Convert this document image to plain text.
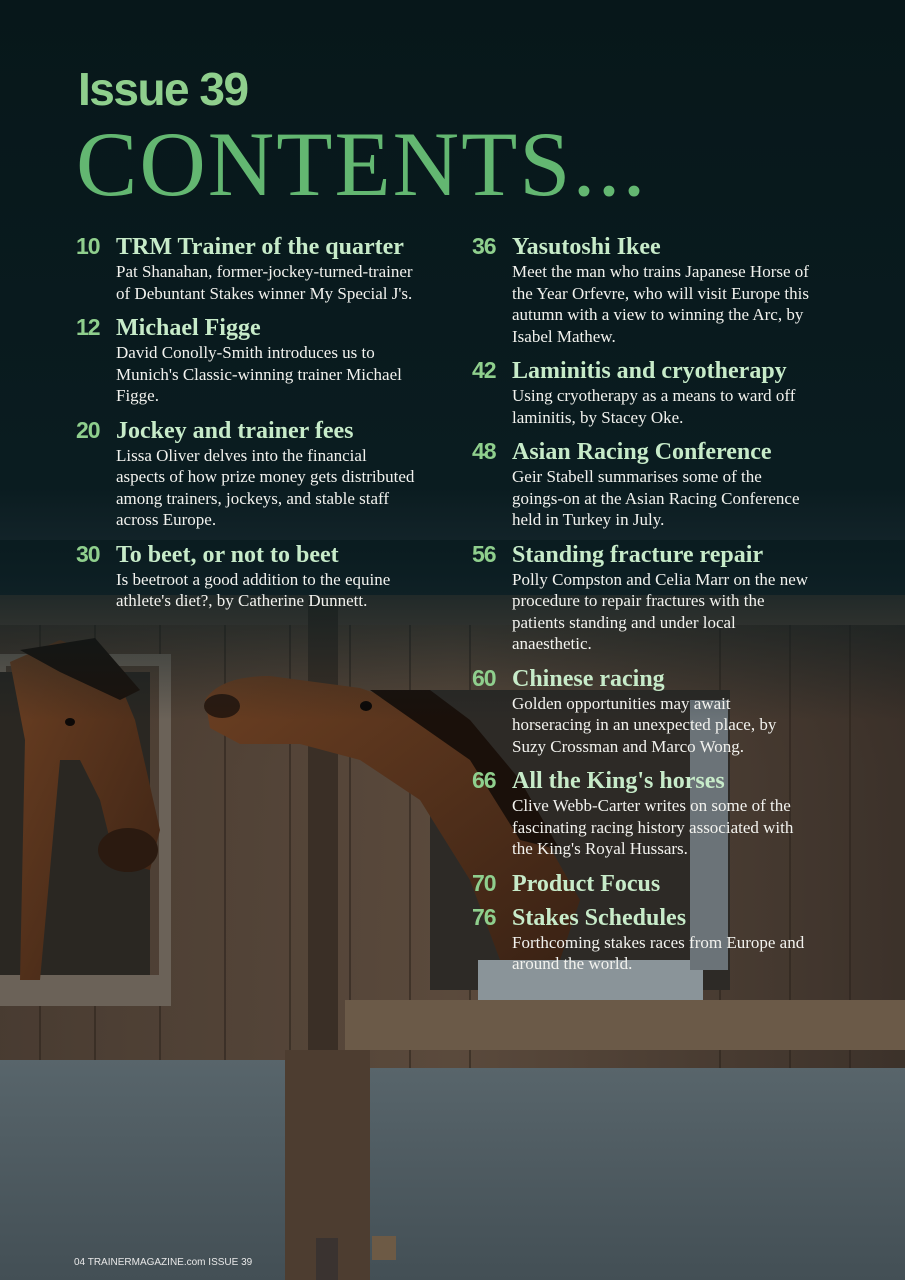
Issue 39
CONTENTS...
10 TRM Trainer of the quarter
Pat Shanahan, former-jockey-turned-trainer of Debuntant Stakes winner My Special J's.
12 Michael Figge
David Conolly-Smith introduces us to Munich's Classic-winning trainer Michael Figge.
20 Jockey and trainer fees
Lissa Oliver delves into the financial aspects of how prize money gets distributed among trainers, jockeys, and stable staff across Europe.
30 To beet, or not to beet
Is beetroot a good addition to the equine athlete's diet?, by Catherine Dunnett.
36 Yasutoshi Ikee
Meet the man who trains Japanese Horse of the Year Orfevre, who will visit Europe this autumn with a view to winning the Arc, by Isabel Mathew.
42 Laminitis and cryotherapy
Using cryotherapy as a means to ward off laminitis, by Stacey Oke.
48 Asian Racing Conference
Geir Stabell summarises some of the goings-on at the Asian Racing Conference held in Turkey in July.
56 Standing fracture repair
Polly Compston and Celia Marr on the new procedure to repair fractures with the patients standing and under local anaesthetic.
60 Chinese racing
Golden opportunities may await horseracing in an unexpected place, by Suzy Crossman and Marco Wong.
66 All the King's horses
Clive Webb-Carter writes on some of the fascinating racing history associated with the King's Royal Hussars.
70 Product Focus
76 Stakes Schedules
Forthcoming stakes races from Europe and around the world.
04 TRAINERMAGAZINE.com ISSUE 39
